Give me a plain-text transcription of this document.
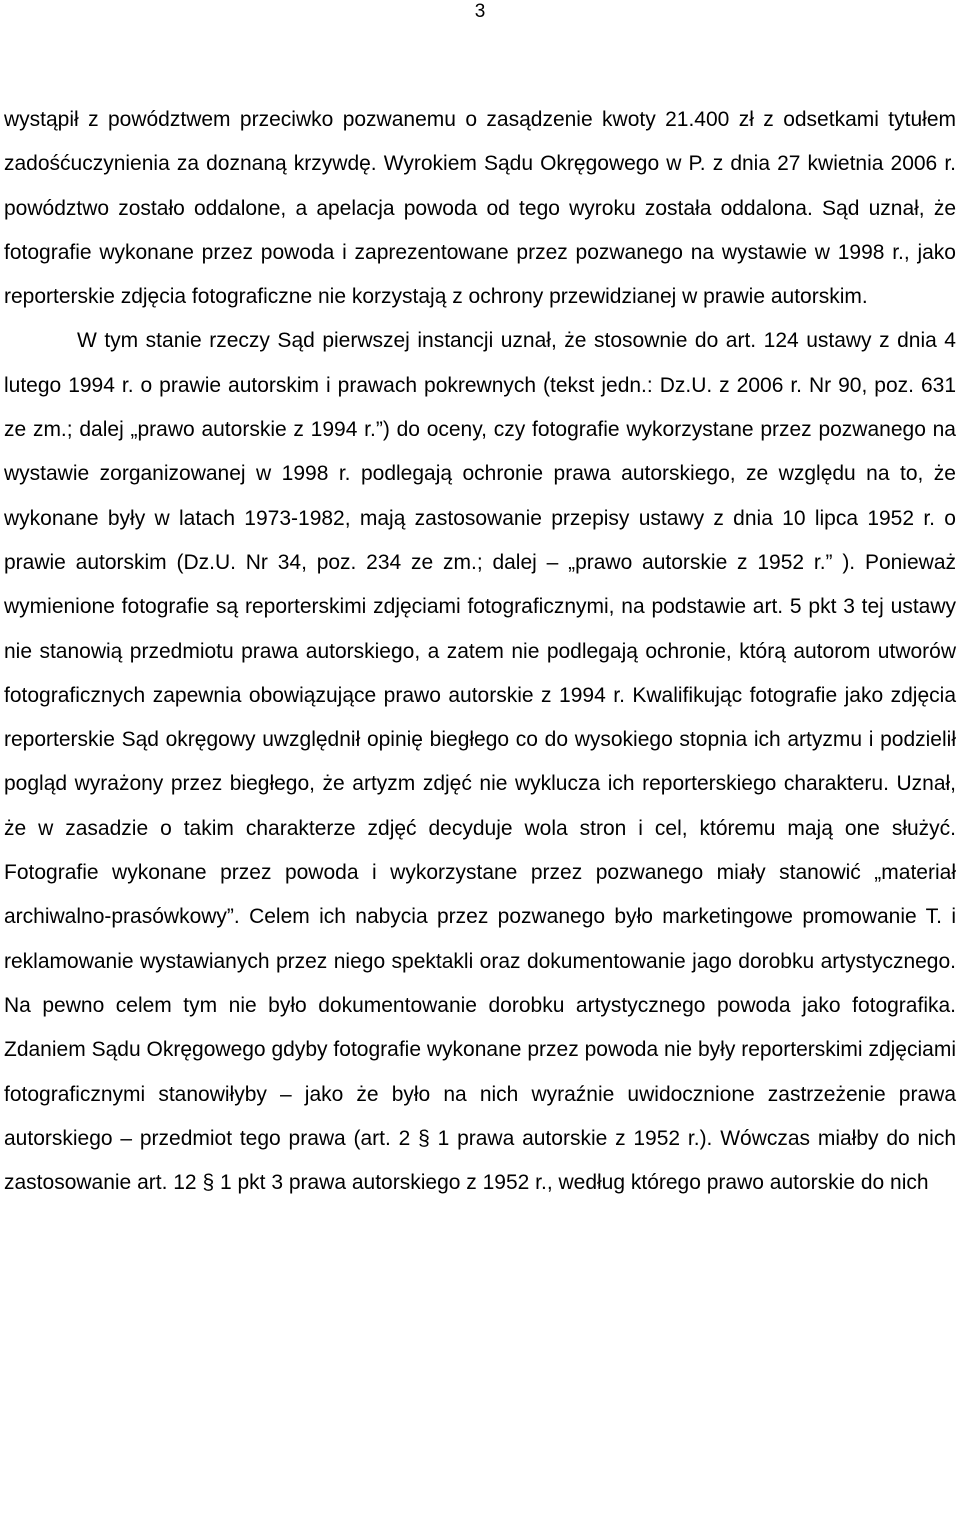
3

wystąpił z powództwem przeciwko pozwanemu o zasądzenie kwoty 21.400 zł z odsetkami tytułem zadośćuczynienia za doznaną krzywdę. Wyrokiem Sądu Okręgowego w P. z dnia 27 kwietnia 2006 r. powództwo zostało oddalone, a apelacja powoda od tego wyroku została oddalona. Sąd uznał, że fotografie wykonane przez powoda i zaprezentowane przez pozwanego na wystawie w 1998 r., jako reporterskie zdjęcia fotograficzne nie korzystają z ochrony przewidzianej w prawie autorskim.

W tym stanie rzeczy Sąd pierwszej instancji uznał, że stosownie do art. 124 ustawy z dnia 4 lutego 1994 r. o prawie autorskim i prawach pokrewnych (tekst jedn.: Dz.U. z 2006 r. Nr 90, poz. 631 ze zm.; dalej „prawo autorskie z 1994 r.”) do oceny, czy fotografie wykorzystane przez pozwanego na wystawie zorganizowanej w 1998 r. podlegają ochronie prawa autorskiego, ze względu na to, że wykonane były w latach 1973-1982, mają zastosowanie przepisy ustawy z dnia 10 lipca 1952 r. o prawie autorskim (Dz.U. Nr 34, poz. 234 ze zm.; dalej – „prawo autorskie z 1952 r.” ). Ponieważ wymienione fotografie są reporterskimi zdjęciami fotograficznymi, na podstawie art. 5 pkt 3 tej ustawy nie stanowią przedmiotu prawa autorskiego, a zatem nie podlegają ochronie, którą autorom utworów fotograficznych zapewnia obowiązujące prawo autorskie z 1994 r. Kwalifikując fotografie jako zdjęcia reporterskie Sąd okręgowy uwzględnił opinię biegłego co do wysokiego stopnia ich artyzmu i podzielił pogląd wyrażony przez biegłego, że artyzm zdjęć nie wyklucza ich reporterskiego charakteru. Uznał, że w zasadzie o takim charakterze zdjęć decyduje wola stron i cel, któremu mają one służyć. Fotografie wykonane przez powoda i wykorzystane przez pozwanego miały stanowić „materiał archiwalno-prasówkowy”. Celem ich nabycia przez pozwanego było marketingowe promowanie T. i reklamowanie wystawianych przez niego spektakli oraz dokumentowanie jago dorobku artystycznego. Na pewno celem tym nie było dokumentowanie dorobku artystycznego powoda jako fotografika. Zdaniem Sądu Okręgowego gdyby fotografie wykonane przez powoda nie były reporterskimi zdjęciami fotograficznymi stanowiłyby – jako że było na nich wyraźnie uwidocznione zastrzeżenie prawa autorskiego – przedmiot tego prawa (art. 2 § 1 prawa autorskie z 1952 r.). Wówczas miałby do nich zastosowanie art. 12 § 1 pkt 3 prawa autorskiego z 1952 r., według którego prawo autorskie do nich
